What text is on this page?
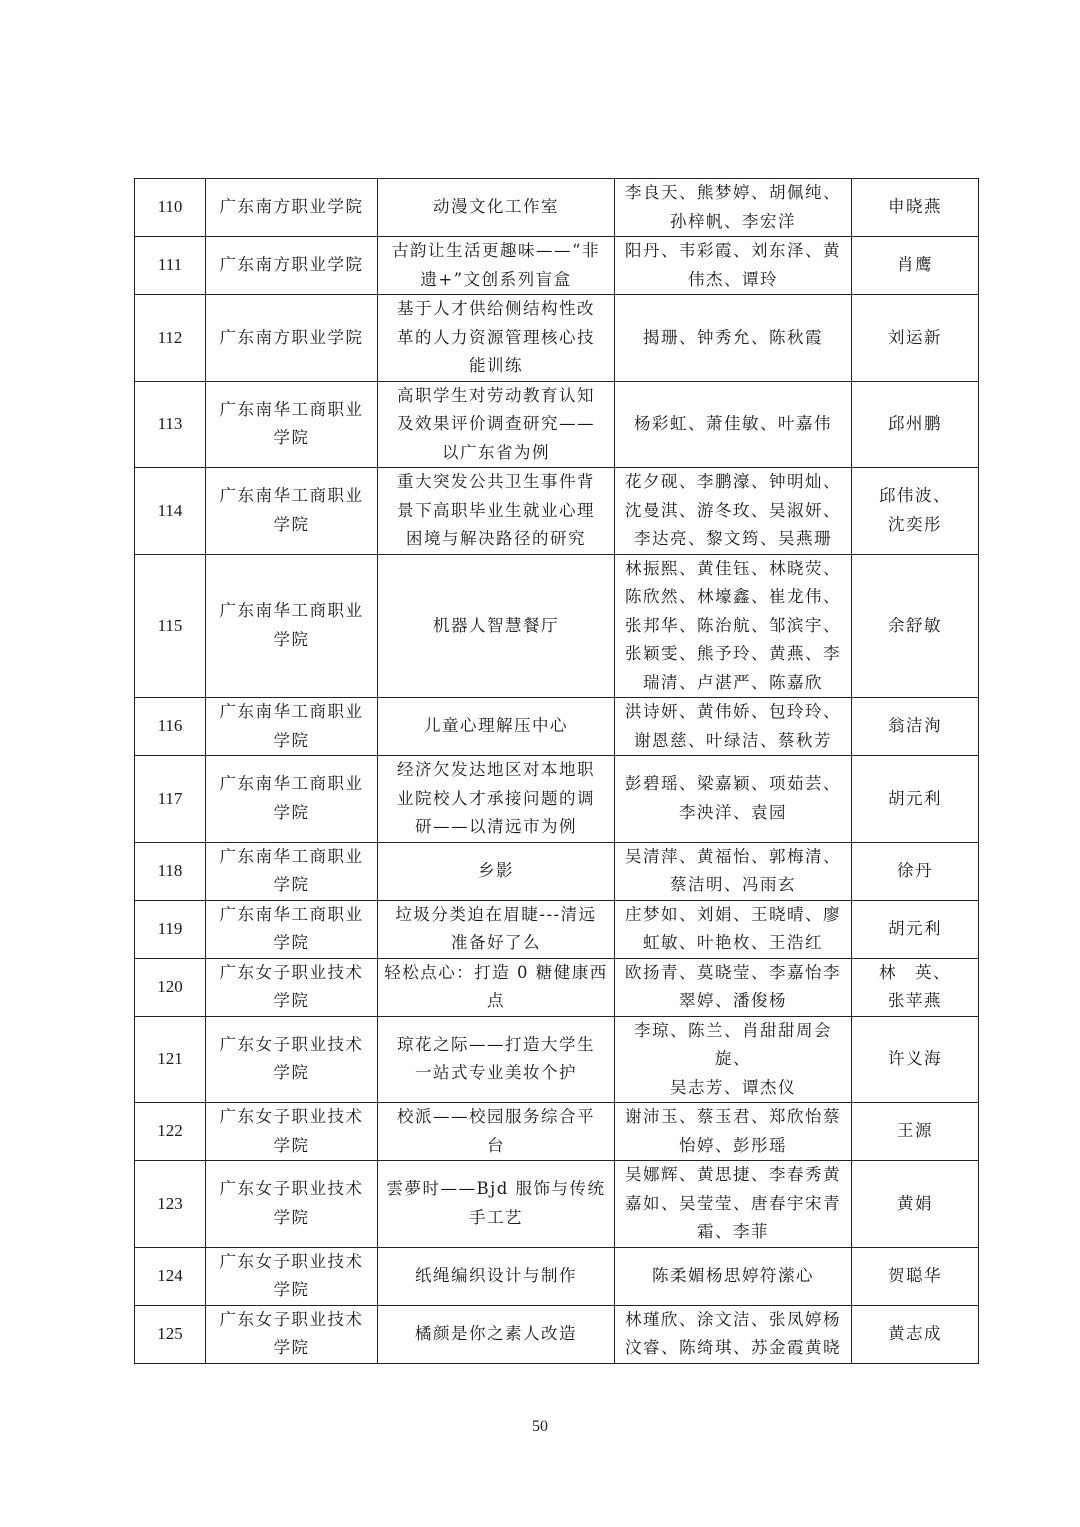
110	广东南方职业学院	动漫文化工作室	李良天、熊梦婷、胡佩纯、
孙梓帆、李宏洋	申晓燕
111	广东南方职业学院	古韵让生活更趣味——“非
遗+”文创系列盲盒	阳丹、韦彩霞、刘东泽、黄
伟杰、谭玲	肖鹰
112	广东南方职业学院	基于人才供给侧结构性改
革的人力资源管理核心技
能训练	揭珊、钟秀允、陈秋霞	刘运新
113	广东南华工商职业 学院	高职学生对劳动教育认知
及效果评价调查研究——
以广东省为例	杨彩虹、萧佳敏、叶嘉伟	邱州鹏
114	广东南华工商职业 学院	重大突发公共卫生事件背
景下高职毕业生就业心理
困境与解决路径的研究	花夕砚、李鹏濠、钟明灿、
沈曼淇、游冬玫、吴淑妍、
李达亮、黎文筠、吴燕珊	邱伟波、
沈奕彤
115	广东南华工商职业 学院	机器人智慧餐厅	林振熙、黄佳钰、林晓荧、
陈欣然、林壕鑫、崔龙伟、
张邦华、陈治航、邹滨宇、
张颖雯、熊予玲、黄燕、李
瑞清、卢湛严、陈嘉欣	余舒敏
116	广东南华工商职业 学院	儿童心理解压中心	洪诗妍、黄伟娇、包玲玲、
谢恩慈、叶绿洁、蔡秋芳	翁洁洵
117	广东南华工商职业 学院	经济欠发达地区对本地职
业院校人才承接问题的调
研——以清远市为例	彭碧瑶、梁嘉颖、项茹芸、
李泱洋、袁园	胡元利
118	广东南华工商职业 学院	乡影	吴清萍、黄福怡、郭梅清、
蔡洁明、冯雨玄	徐丹
119	广东南华工商职业 学院	垃圾分类迫在眉睫---清远
准备好了么	庄梦如、刘娟、王晓晴、廖
虹敏、叶艳枚、王浩红	胡元利
120	广东女子职业技术 学院	轻松点心：打造 0 糖健康西
点	欧扬青、莫晓莹、李嘉怡李
翠婷、潘俊杨	林　英、
张苹燕
121	广东女子职业技术 学院	琼花之际——打造大学生
一站式专业美妆个护	李琼、陈兰、肖甜甜周会旋、
吴志芳、谭杰仪	许义海
122	广东女子职业技术 学院	校派——校园服务综合平
台	谢沛玉、蔡玉君、郑欣怡蔡
怡婷、彭彤瑶	王源
123	广东女子职业技术 学院	雲夢时——Bjd 服饰与传统
手工艺	吴娜辉、黄思捷、李春秀黄
嘉如、吴莹莹、唐春宇宋青
霜、李菲	黄娟
124	广东女子职业技术 学院	纸绳编织设计与制作	陈柔媚杨思婷符潆心	贺聪华
125	广东女子职业技术 学院	橘颜是你之素人改造	林瑾欣、涂文洁、张凤婷杨
汶睿、陈绮琪、苏金霞黄晓	黄志成
50
